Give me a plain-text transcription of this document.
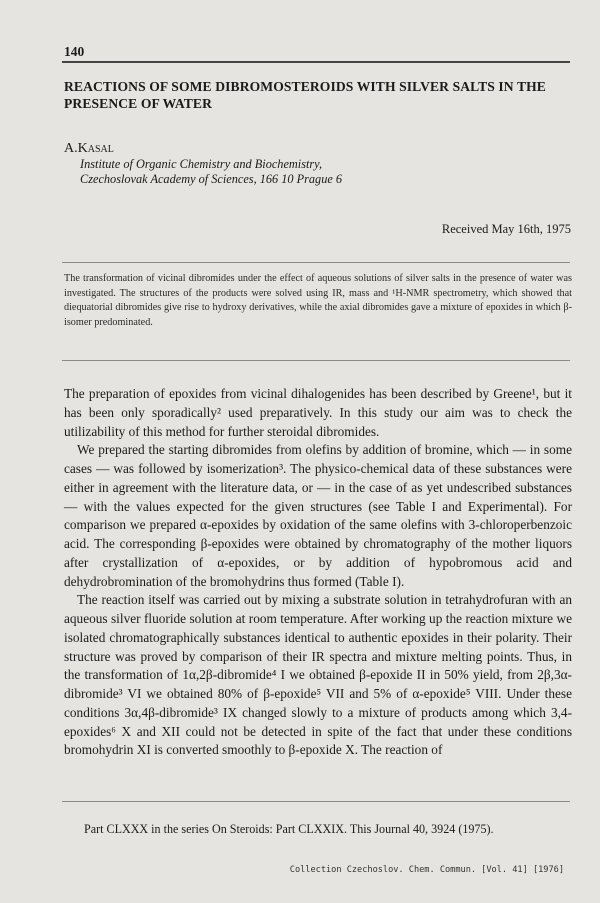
140
REACTIONS OF SOME DIBROMOSTEROIDS WITH SILVER SALTS IN THE PRESENCE OF WATER
A.Kasal
Institute of Organic Chemistry and Biochemistry,
Czechoslovak Academy of Sciences, 166 10 Prague 6
Received May 16th, 1975
The transformation of vicinal dibromides under the effect of aqueous solutions of silver salts in the presence of water was investigated. The structures of the products were solved using IR, mass and ¹H-NMR spectrometry, which showed that diequatorial dibromides give rise to hydroxy derivatives, while the axial dibromides gave a mixture of epoxides in which β-isomer predominated.

The preparation of epoxides from vicinal dihalogenides has been described by Greene¹, but it has been only sporadically² used preparatively. In this study our aim was to check the utilizability of this method for further steroidal dibromides.

We prepared the starting dibromides from olefins by addition of bromine, which — in some cases — was followed by isomerization³. The physico-chemical data of these substances were either in agreement with the literature data, or — in the case of as yet undescribed substances — with the values expected for the given structures (see Table I and Experimental). For comparison we prepared α-epoxides by oxidation of the same olefins with 3-chloroperbenzoic acid. The corresponding β-epoxides were obtained by chromatography of the mother liquors after crystallization of α-epoxides, or by addition of hypobromous acid and dehydrobromination of the bromohydrins thus formed (Table I).

The reaction itself was carried out by mixing a substrate solution in tetrahydrofuran with an aqueous silver fluoride solution at room temperature. After working up the reaction mixture we isolated chromatographically substances identical to authentic epoxides in their polarity. Their structure was proved by comparison of their IR spectra and mixture melting points. Thus, in the transformation of 1α,2β-dibromide⁴ I we obtained β-epoxide II in 50% yield, from 2β,3α-dibromide³ VI we obtained 80% of β-epoxide⁵ VII and 5% of α-epoxide⁵ VIII. Under these conditions 3α,4β-dibromide³ IX changed slowly to a mixture of products among which 3,4-epoxides⁶ X and XII could not be detected in spite of the fact that under these conditions bromohydrin XI is converted smoothly to β-epoxide X. The reaction of

Part CLXXX in the series On Steroids: Part CLXXIX. This Journal 40, 3924 (1975).
Collection Czechoslov. Chem. Commun. [Vol. 41] [1976]
